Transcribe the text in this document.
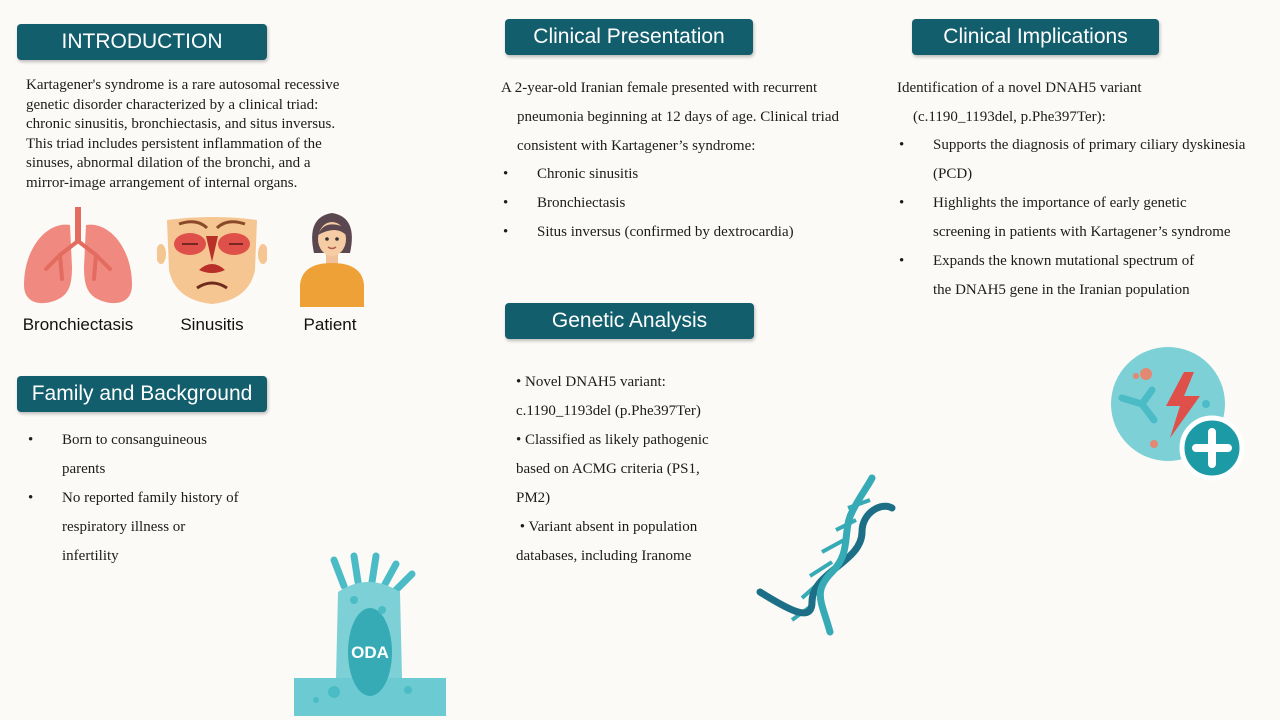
INTRODUCTION
Kartagener's syndrome is a rare autosomal recessive genetic disorder characterized by a clinical triad: chronic sinusitis, bronchiectasis, and situs inversus. This triad includes persistent inflammation of the sinuses, abnormal dilation of the bronchi, and a mirror-image arrangement of internal organs.
Bronchiectasis	Sinusitis	Patient
Family and Background
• Born to consanguineous
parents
• No reported family history of
respiratory illness or
infertility
ODA
Clinical Presentation
A 2-year-old Iranian female presented with recurrent
pneumonia beginning at 12 days of age. Clinical triad
consistent with Kartagener’s syndrome:
• Chronic sinusitis
• Bronchiectasis
• Situs inversus (confirmed by dextrocardia)
Genetic Analysis
• Novel DNAH5 variant:
c.1190_1193del (p.Phe397Ter)
• Classified as likely pathogenic
based on ACMG criteria (PS1,
PM2)
• Variant absent in population
databases, including Iranome
Clinical Implications
Identification of a novel DNAH5 variant
(c.1190_1193del, p.Phe397Ter):
• Supports the diagnosis of primary ciliary dyskinesia
(PCD)
• Highlights the importance of early genetic
screening in patients with Kartagener’s syndrome
• Expands the known mutational spectrum of
the DNAH5 gene in the Iranian population
